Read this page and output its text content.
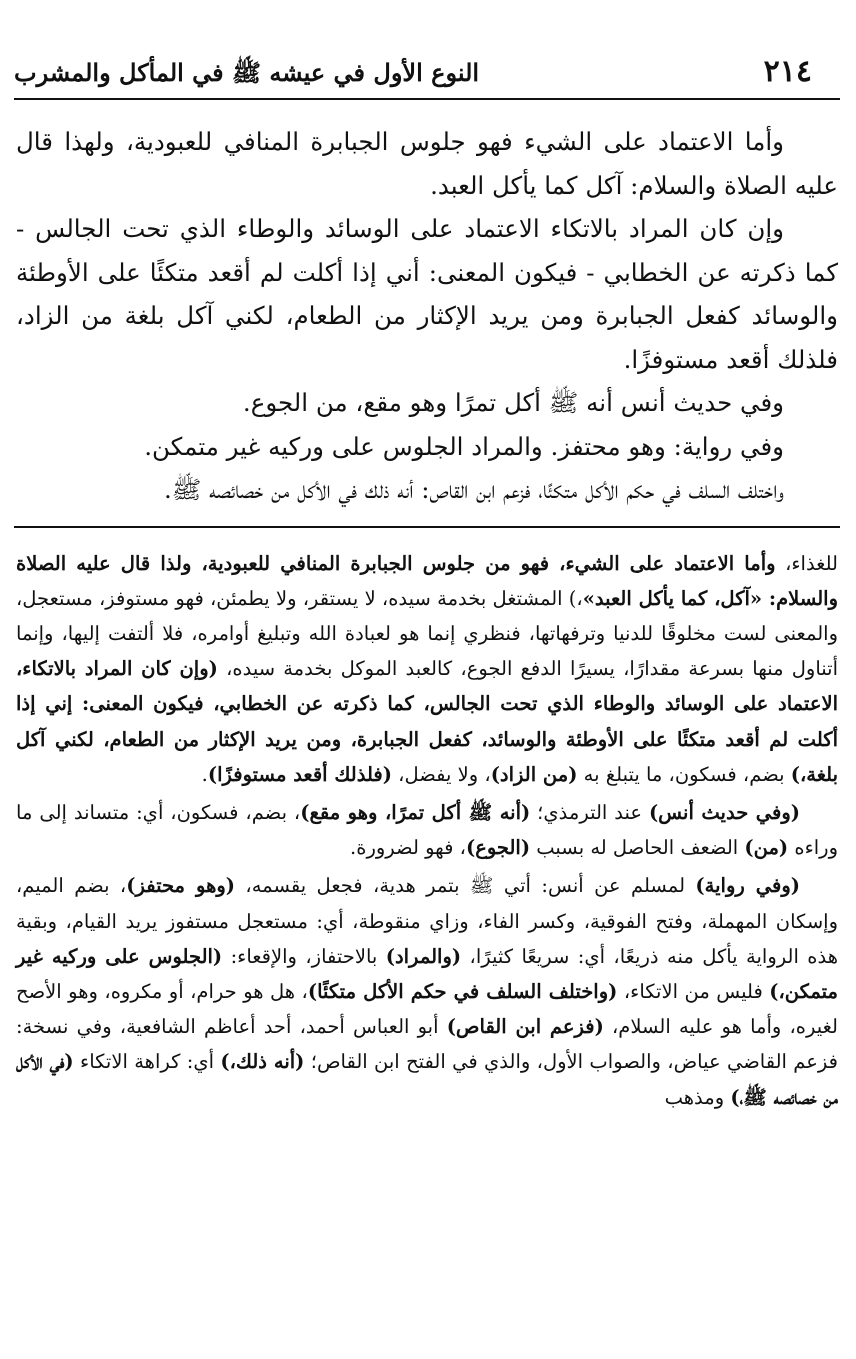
٢١٤
النوع الأول في عيشه ﷺ في المأكل والمشرب

وأما الاعتماد على الشيء فهو جلوس الجبابرة المنافي للعبودية، ولهذا قال عليه الصلاة والسلام: آكل كما يأكل العبد.

وإن كان المراد بالاتكاء الاعتماد على الوسائد والوطاء الذي تحت الجالس - كما ذكرته عن الخطابي - فيكون المعنى: أني إذا أكلت لم أقعد متكئًا على الأوطئة والوسائد كفعل الجبابرة ومن يريد الإكثار من الطعام، لكني آكل بلغة من الزاد، فلذلك أقعد مستوفزًا.

وفي حديث أنس أنه ﷺ أكل تمرًا وهو مقع، من الجوع.

وفي رواية: وهو محتفز. والمراد الجلوس على وركيه غير متمكن.

واختلف السلف في حكم الأكل متكئًا، فزعم ابن القاص: أنه ذلك في الأكل من خصائصه ﷺ.

للغذاء، وأما الاعتماد على الشيء، فهو من جلوس الجبابرة المنافي للعبودية، ولذا قال عليه الصلاة والسلام: «آكل، كما يأكل العبد»،) المشتغل بخدمة سيده، لا يستقر، ولا يطمئن، فهو مستوفز، مستعجل، والمعنى لست مخلوقًا للدنيا وترفهاتها، فنظري إنما هو لعبادة الله وتبليغ أوامره، فلا ألتفت إليها، وإنما أتناول منها بسرعة مقدارًا، يسيرًا الدفع الجوع، كالعبد الموكل بخدمة سيده، (وإن كان المراد بالاتكاء، الاعتماد على الوسائد والوطاء الذي تحت الجالس، كما ذكرته عن الخطابي، فيكون المعنى: إني إذا أكلت لم أقعد متكئًا على الأوطئة والوسائد، كفعل الجبابرة، ومن يريد الإكثار من الطعام، لكني آكل بلغة،) بضم، فسكون، ما يتبلغ به (من الزاد)، ولا يفضل، (فلذلك أقعد مستوفزًا).

(وفي حديث أنس) عند الترمذي؛ (أنه ﷺ أكل تمرًا، وهو مقع)، بضم، فسكون، أي: متساند إلى ما وراءه (من) الضعف الحاصل له بسبب (الجوع)، فهو لضرورة.

(وفي رواية) لمسلم عن أنس: أتي ﷺ بتمر هدية، فجعل يقسمه، (وهو محتفز)، بضم الميم، وإسكان المهملة، وفتح الفوقية، وكسر الفاء، وزاي منقوطة، أي: مستعجل مستفوز يريد القيام، وبقية هذه الرواية يأكل منه ذريعًا، أي: سريعًا كثيرًا، (والمراد) بالاحتفاز، والإقعاء: (الجلوس على وركيه غير متمكن،) فليس من الاتكاء، (واختلف السلف في حكم الأكل متكئًا)، هل هو حرام، أو مكروه، وهو الأصح لغيره، وأما هو عليه السلام، (فزعم ابن القاص) أبو العباس أحمد، أحد أعاظم الشافعية، وفي نسخة: فزعم القاضي عياض، والصواب الأول، والذي في الفتح ابن القاص؛ (أنه ذلك،) أي: كراهة الاتكاء (في الأكل من خصائصه ﷺ،) ومذهب
